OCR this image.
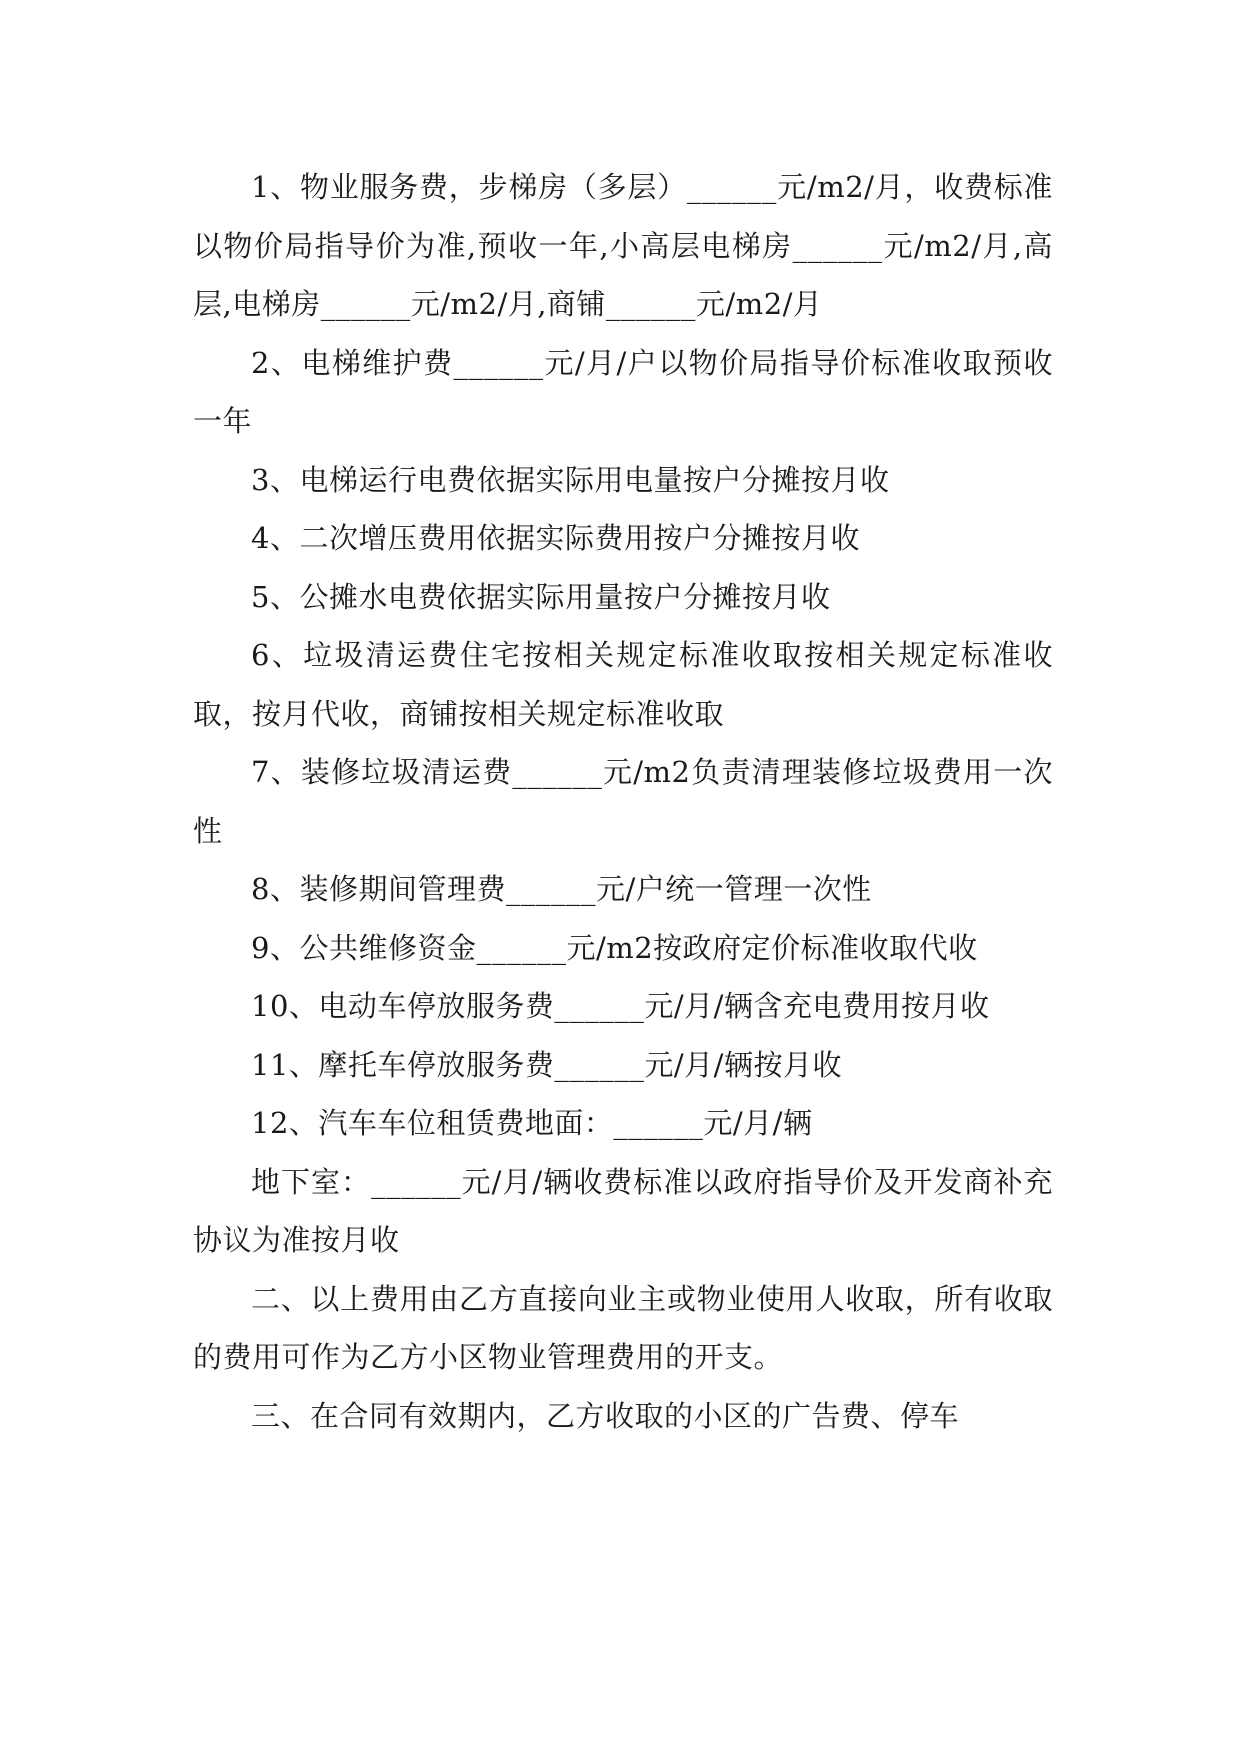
1、物业服务费，步梯房（多层）______元/m2/月，收费标准以物价局指导价为准,预收一年,小高层电梯房______元/m2/月,高层,电梯房______元/m2/月,商铺______元/m2/月

2、电梯维护费______元/月/户以物价局指导价标准收取预收一年

3、电梯运行电费依据实际用电量按户分摊按月收

4、二次增压费用依据实际费用按户分摊按月收

5、公摊水电费依据实际用量按户分摊按月收

6、垃圾清运费住宅按相关规定标准收取按相关规定标准收取，按月代收，商铺按相关规定标准收取

7、装修垃圾清运费______元/m2负责清理装修垃圾费用一次性

8、装修期间管理费______元/户统一管理一次性

9、公共维修资金______元/m2按政府定价标准收取代收

10、电动车停放服务费______元/月/辆含充电费用按月收

11、摩托车停放服务费______元/月/辆按月收

12、汽车车位租赁费地面：______元/月/辆

地下室：______元/月/辆收费标准以政府指导价及开发商补充协议为准按月收

二、以上费用由乙方直接向业主或物业使用人收取，所有收取的费用可作为乙方小区物业管理费用的开支。

三、在合同有效期内，乙方收取的小区的广告费、停车
